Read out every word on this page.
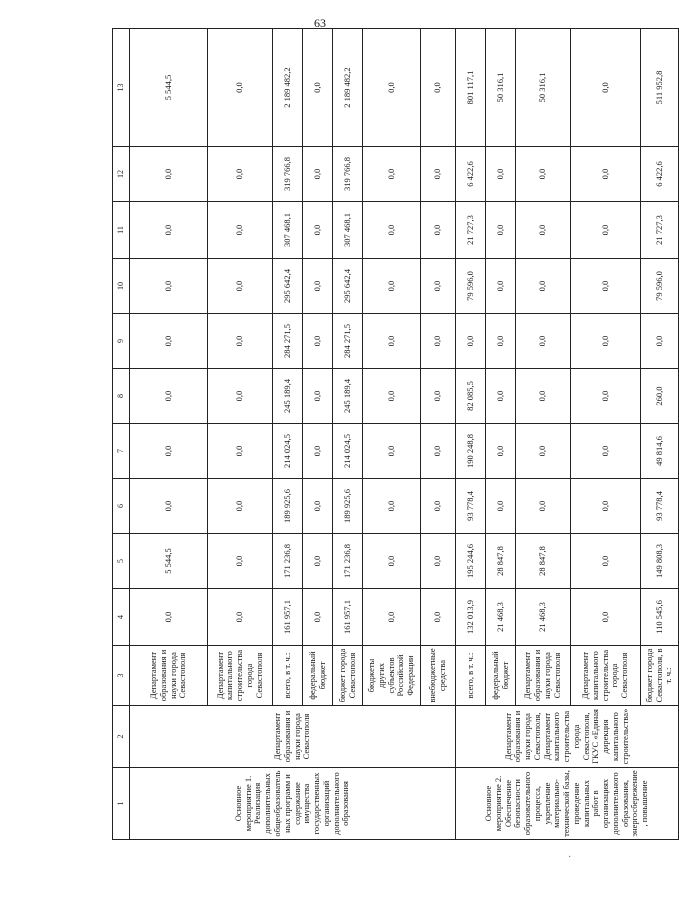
63
1	2	3	4	5	6	7	8	9	10	11	12	13
Основное мероприятие 1. Реализация дополнительных общеобразовательных программ и содержание имущества государственных организаций дополнительного образования	Департамент образования и науки города Севастополя	Департамент образования и науки города Севастополя	0,0	5 544,5	0,0	0,0	0,0	0,0	0,0	0,0	0,0	5 544,5
		Департамент капитального строительства города Севастополя	0,0	0,0	0,0	0,0	0,0	0,0	0,0	0,0	0,0	0,0
		всего, в т. ч.:	161 957,1	171 236,8	189 925,6	214 024,5	245 189,4	284 271,5	295 642,4	307 468,1	319 766,8	2 189 482,2
		федеральный бюджет	0,0	0,0	0,0	0,0	0,0	0,0	0,0	0,0	0,0	0,0
		бюджет города Севастополя	161 957,1	171 236,8	189 925,6	214 024,5	245 189,4	284 271,5	295 642,4	307 468,1	319 766,8	2 189 482,2
		бюджеты других субъектов Российской Федерации	0,0	0,0	0,0	0,0	0,0	0,0	0,0	0,0	0,0	0,0
		внебюджетные средства	0,0	0,0	0,0	0,0	0,0	0,0	0,0	0,0	0,0	0,0
Основное мероприятие 2. Обеспечение безопасности образовательного процесса, укрепление материально-технической базы, проведение капитальных работ в организациях дополнительного образования, энергосбережение, повышение	Департамент образования и науки города Севастополя, Департамент капитального строительства города Севастополя, ГКУС «Единая дирекция капитального строительства»	всего, в т. ч.:	132 013,9	195 244,6	93 778,4	190 248,8	82 085,5	0,0	79 596,0	21 727,3	6 422,6	801 117,1
		федеральный бюджет	21 468,3	28 847,8	0,0	0,0	0,0	0,0	0,0	0,0	0,0	50 316,1
		Департамент образования и науки города Севастополя	21 468,3	28 847,8	0,0	0,0	0,0	0,0	0,0	0,0	0,0	50 316,1
		Департамент капитального строительства города Севастополя	0,0	0,0	0,0	0,0	0,0	0,0	0,0	0,0	0,0	0,0
		бюджет города Севастополя, в т. ч.:	110 545,6	149 808,3	93 778,4	49 814,6	260,0	0,0	79 596,0	21 727,3	6 422,6	511 952,8
·
